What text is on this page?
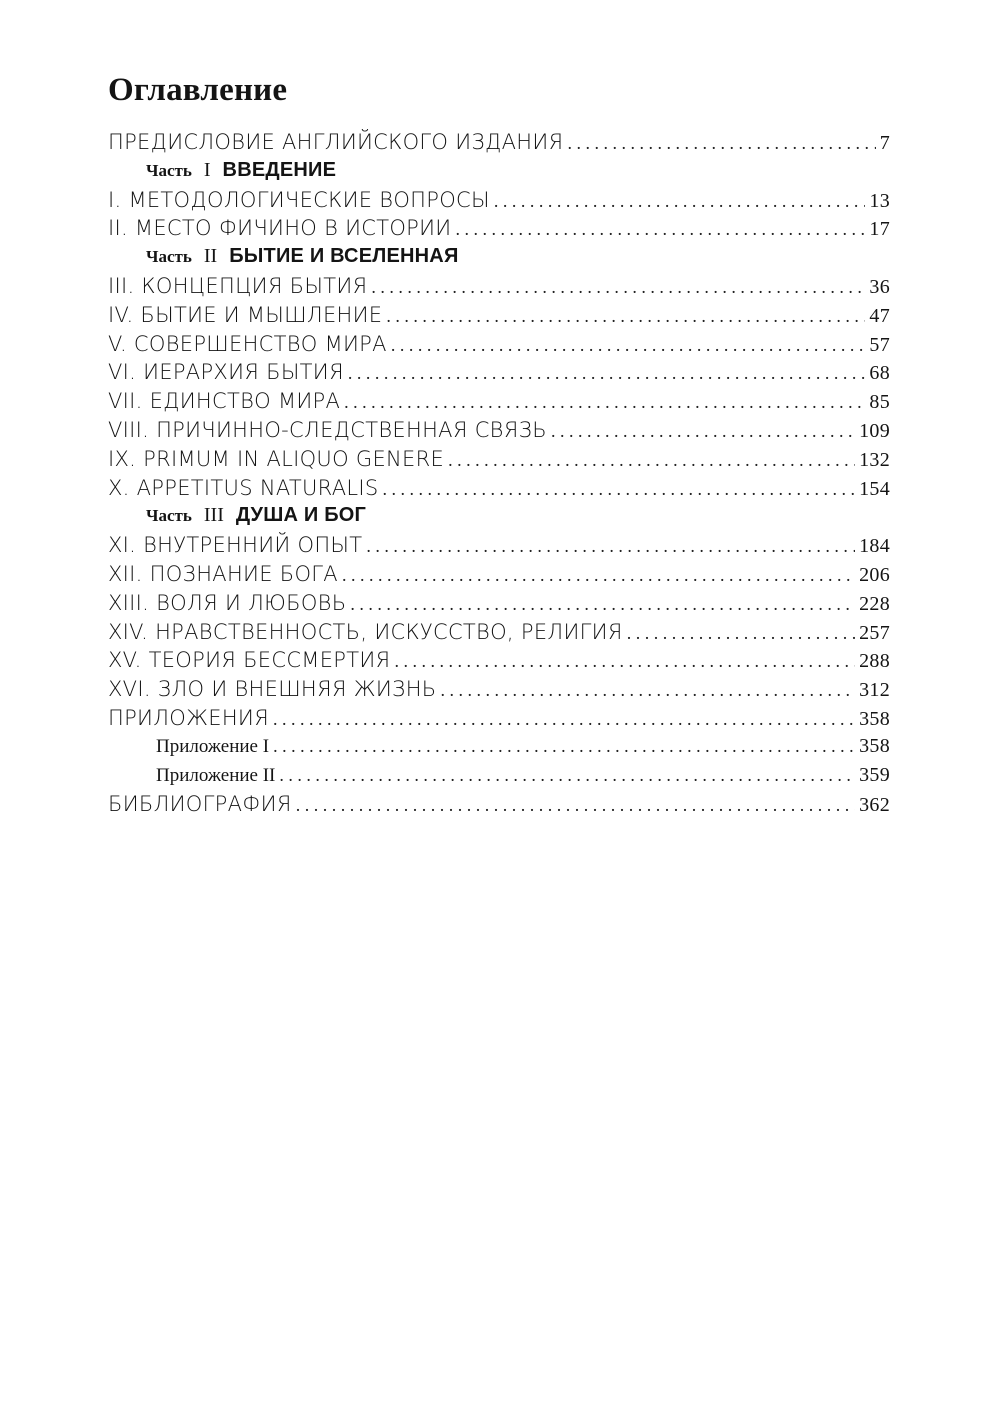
Оглавление
ПРЕДИСЛОВИЕ АНГЛИЙСКОГО ИЗДАНИЯ . . .	7
Часть I ВВЕДЕНИЕ
I. МЕТОДОЛОГИЧЕСКИЕ ВОПРОСЫ . . .	13
II. МЕСТО ФИЧИНО В ИСТОРИИ . . .	17
Часть II БЫТИЕ И ВСЕЛЕННАЯ
III. КОНЦЕПЦИЯ БЫТИЯ . . .	36
IV. БЫТИЕ И МЫШЛЕНИЕ . . .	47
V. СОВЕРШЕНСТВО МИРА . . .	57
VI. ИЕРАРХИЯ БЫТИЯ . . .	68
VII. ЕДИНСТВО МИРА . . .	85
VIII. ПРИЧИННО-СЛЕДСТВЕННАЯ СВЯЗЬ . . .	109
IX. PRIMUM IN ALIQUO GENERE . . .	132
X. APPETITUS NATURALIS . . .	154
Часть III ДУША И БОГ
XI. ВНУТРЕННИЙ ОПЫТ . . .	184
XII. ПОЗНАНИЕ БОГА . . .	206
XIII. ВОЛЯ И ЛЮБОВЬ . . .	228
XIV. НРАВСТВЕННОСТЬ, ИСКУССТВО, РЕЛИГИЯ . . .	257
XV. ТЕОРИЯ БЕССМЕРТИЯ . . .	288
XVI. ЗЛО И ВНЕШНЯЯ ЖИЗНЬ . . .	312
ПРИЛОЖЕНИЯ . . .	358
Приложение I . . .	358
Приложение II . . .	359
БИБЛИОГРАФИЯ . . .	362
